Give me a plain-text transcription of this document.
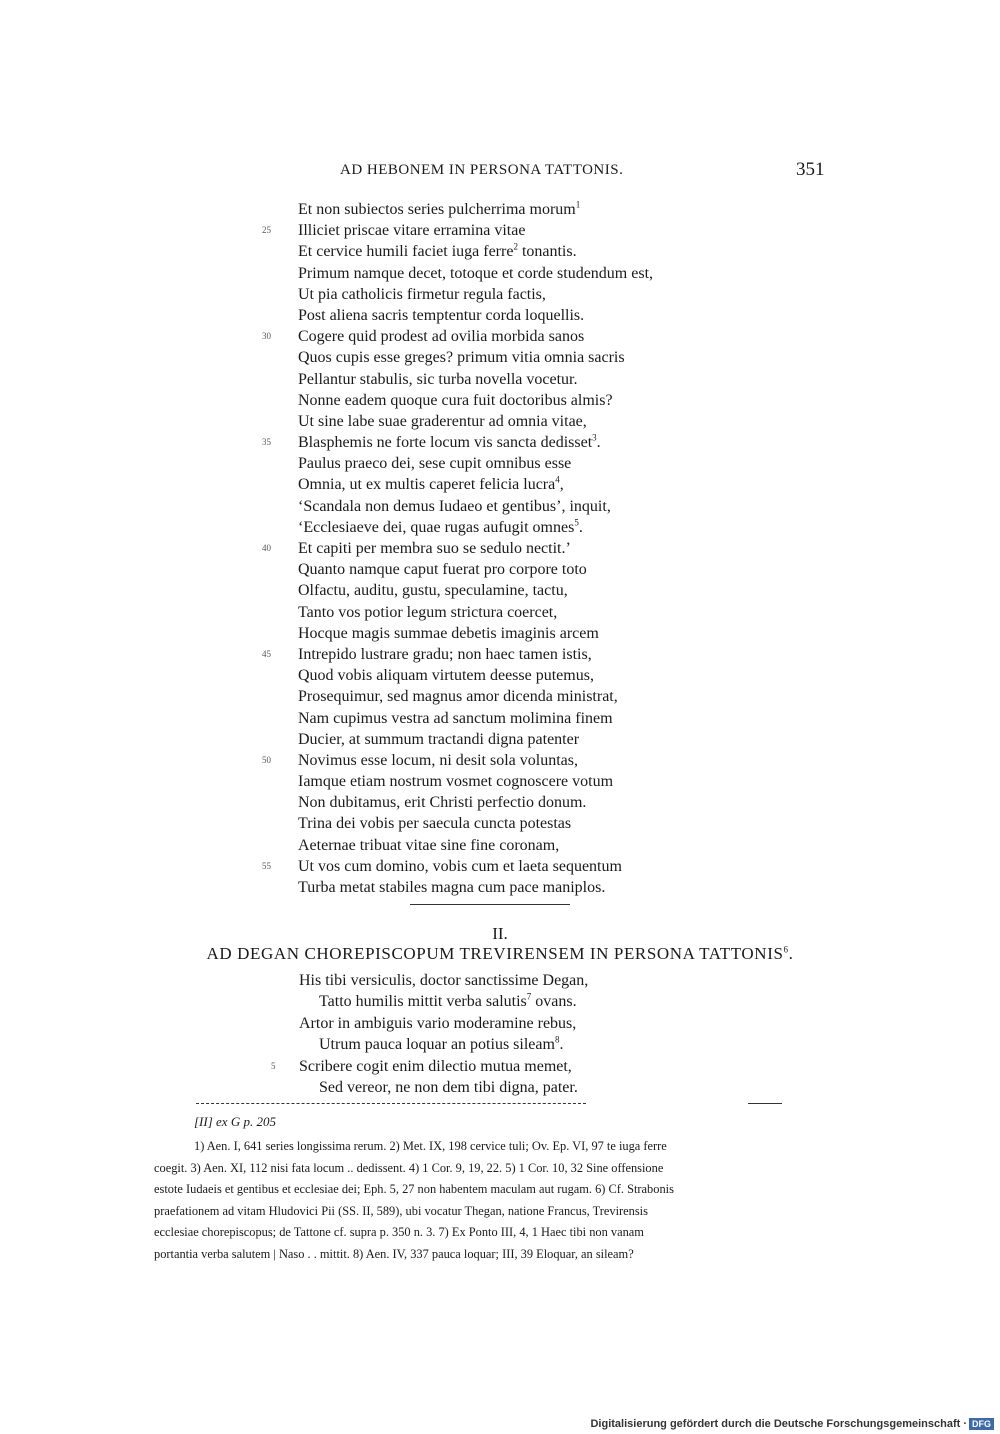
AD HEBONEM IN PERSONA TATTONIS.	351
Et non subiectos series pulcherrima morum$^1$
25	Illiciet priscae vitare erramina vitae
Et cervice humili faciet iuga ferre$^2$ tonantis.
Primum namque decet, totoque et corde studendum est,
Ut pia catholicis firmetur regula factis,
Post aliena sacris temptentur corda loquellis.
30	Cogere quid prodest ad ovilia morbida sanos
Quos cupis esse greges? primum vitia omnia sacris
Pellantur stabulis, sic turba novella vocetur.
Nonne eadem quoque cura fuit doctoribus almis?
Ut sine labe suae graderentur ad omnia vitae,
35	Blasphemis ne forte locum vis sancta dedisset$^3$.
Paulus praeco dei, sese cupit omnibus esse
Omnia, ut ex multis caperet felicia lucra$^4$,
‘Scandala non demus Iudaeo et gentibus’, inquit,
‘Ecclesiaeve dei, quae rugas aufugit omnes$^5$.
40	Et capiti per membra suo se sedulo nectit.’
Quanto namque caput fuerat pro corpore toto
Olfactu, auditu, gustu, speculamine, tactu,
Tanto vos potior legum strictura coercet,
Hocque magis summae debetis imaginis arcem
45	Intrepido lustrare gradu; non haec tamen istis,
Quod vobis aliquam virtutem deesse putemus,
Prosequimur, sed magnus amor dicenda ministrat,
Nam cupimus vestra ad sanctum molimina finem
Ducier, at summum tractandi digna patenter
50	Novimus esse locum, ni desit sola voluntas,
Iamque etiam nostrum vosmet cognoscere votum
Non dubitamus, erit Christi perfectio donum.
Trina dei vobis per saecula cuncta potestas
Aeternae tribuat vitae sine fine coronam,
55	Ut vos cum domino, vobis cum et laeta sequentum
Turba metat stabiles magna cum pace maniplos.
II.
AD DEGAN CHOREPISCOPUM TREVIRENSEM IN PERSONA TATTONIS$^6$.
His tibi versiculis, doctor sanctissime Degan,
Tatto humilis mittit verba salutis$^7$ ovans.
Artor in ambiguis vario moderamine rebus,
Utrum pauca loquar an potius sileam$^8$.
5	Scribere cogit enim dilectio mutua memet,
Sed vereor, ne non dem tibi digna, pater.
[II] ex G p. 205
1) Aen. I, 641 series longissima rerum. 2) Met. IX, 198 cervice tuli; Ov. Ep. VI, 97 te iuga ferre
coegit. 3) Aen. XI, 112 nisi fata locum .. dedissent. 4) 1 Cor. 9, 19, 22. 5) 1 Cor. 10, 32 Sine offensione
estote Iudaeis et gentibus et ecclesiae dei; Eph. 5, 27 non habentem maculam aut rugam. 6) Cf. Strabonis
praefationem ad vitam Hludovici Pii (SS. II, 589), ubi vocatur Thegan, natione Francus, Trevirensis
ecclesiae chorepiscopus; de Tattone cf. supra p. 350 n. 3. 7) Ex Ponto III, 4, 1 Haec tibi non vanam
portantia verba salutem | Naso . . mittit. 8) Aen. IV, 337 pauca loquar; III, 39 Eloquar, an sileam?
Digitalisierung gefördert durch die Deutsche Forschungsgemeinschaft · DFG
